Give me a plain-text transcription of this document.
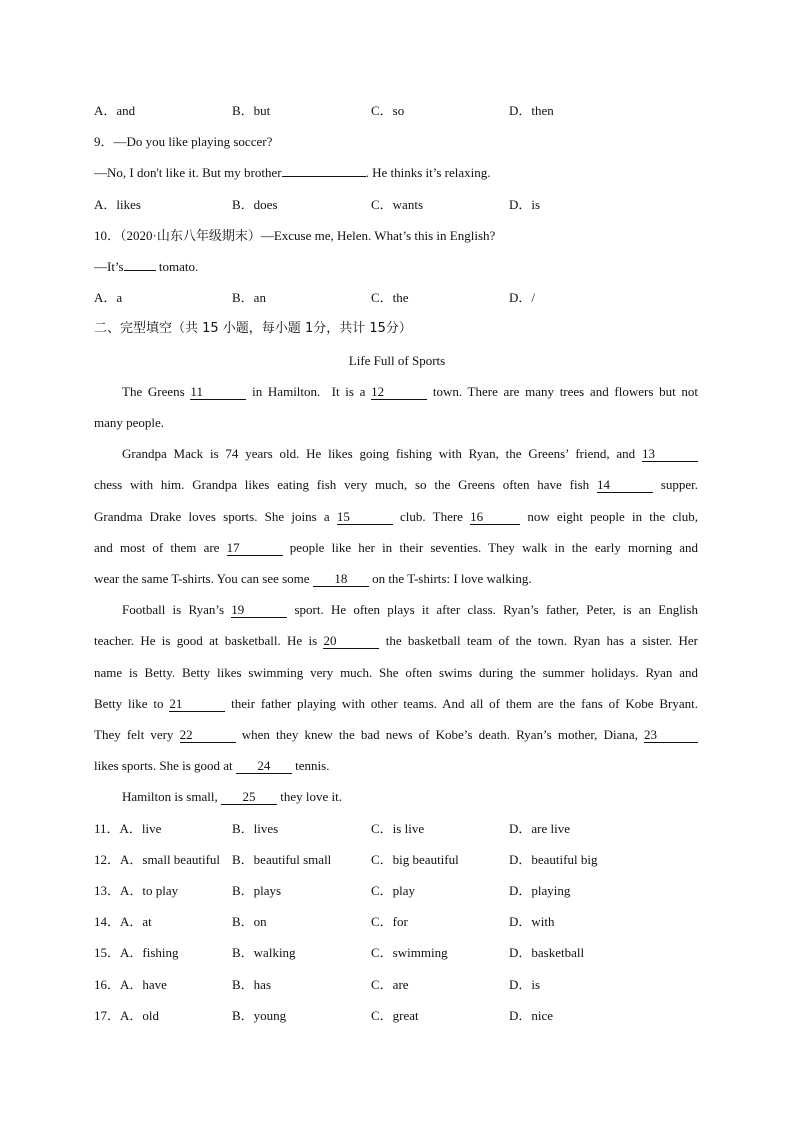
A．and	B．but	C．so	D．then
9．—Do you like playing soccer?
—No, I don't like it. But my brother	. He thinks it’s relaxing.
A．likes	B．does	C．wants	D．is
10．（2020·山东八年级期末）—Excuse me, Helen. What’s this in English?
—It’s tomato.
A．a	B．an	C．the	D．/
二、完型填空（共 15 小题，每小题 1分，共计 15分）
Life Full of Sports
The Greens 11	in Hamilton.  It is a 12	town. There are many trees and flowers but not
many people.
Grandpa Mack is 74 years old. He likes going fishing with Ryan, the Greens’ friend, and 13
chess with him. Grandpa likes eating fish very much, so the Greens often have fish 14	supper.
Grandma Drake loves sports. She joins a 15	club. There 16	now eight people in the club,
and most of them are 17	people like her in their seventies. They walk in the early morning and
wear the same T-shirts. You can see some 18 on the T-shirts: I love walking.
Football is Ryan’s 19	sport. He often plays it after class. Ryan’s father, Peter, is an English
teacher. He is good at basketball. He is 20	the basketball team of the town. Ryan has a sister. Her
name is Betty. Betty likes swimming very much. She often swims during the summer holidays. Ryan and
Betty like to 21	their father playing with other teams. And all of them are the fans of Kobe Bryant.
They felt very 22	when they knew the bad news of Kobe’s death. Ryan’s mother, Diana, 23
likes sports. She is good at 24 tennis.
Hamilton is small, 25 they love it.
11．A．live	B．lives	C．is live	D．are live
12．A．small beautiful B．beautiful small	C．big beautiful	D．beautiful big
13．A．to play	B．plays	C．play	D．playing
14．A．at	B．on	C．for	D．with
15．A．fishing	B．walking	C．swimming	D．basketball
16．A．have	B．has	C．are	D．is
17．A．old	B．young	C．great	D．nice
